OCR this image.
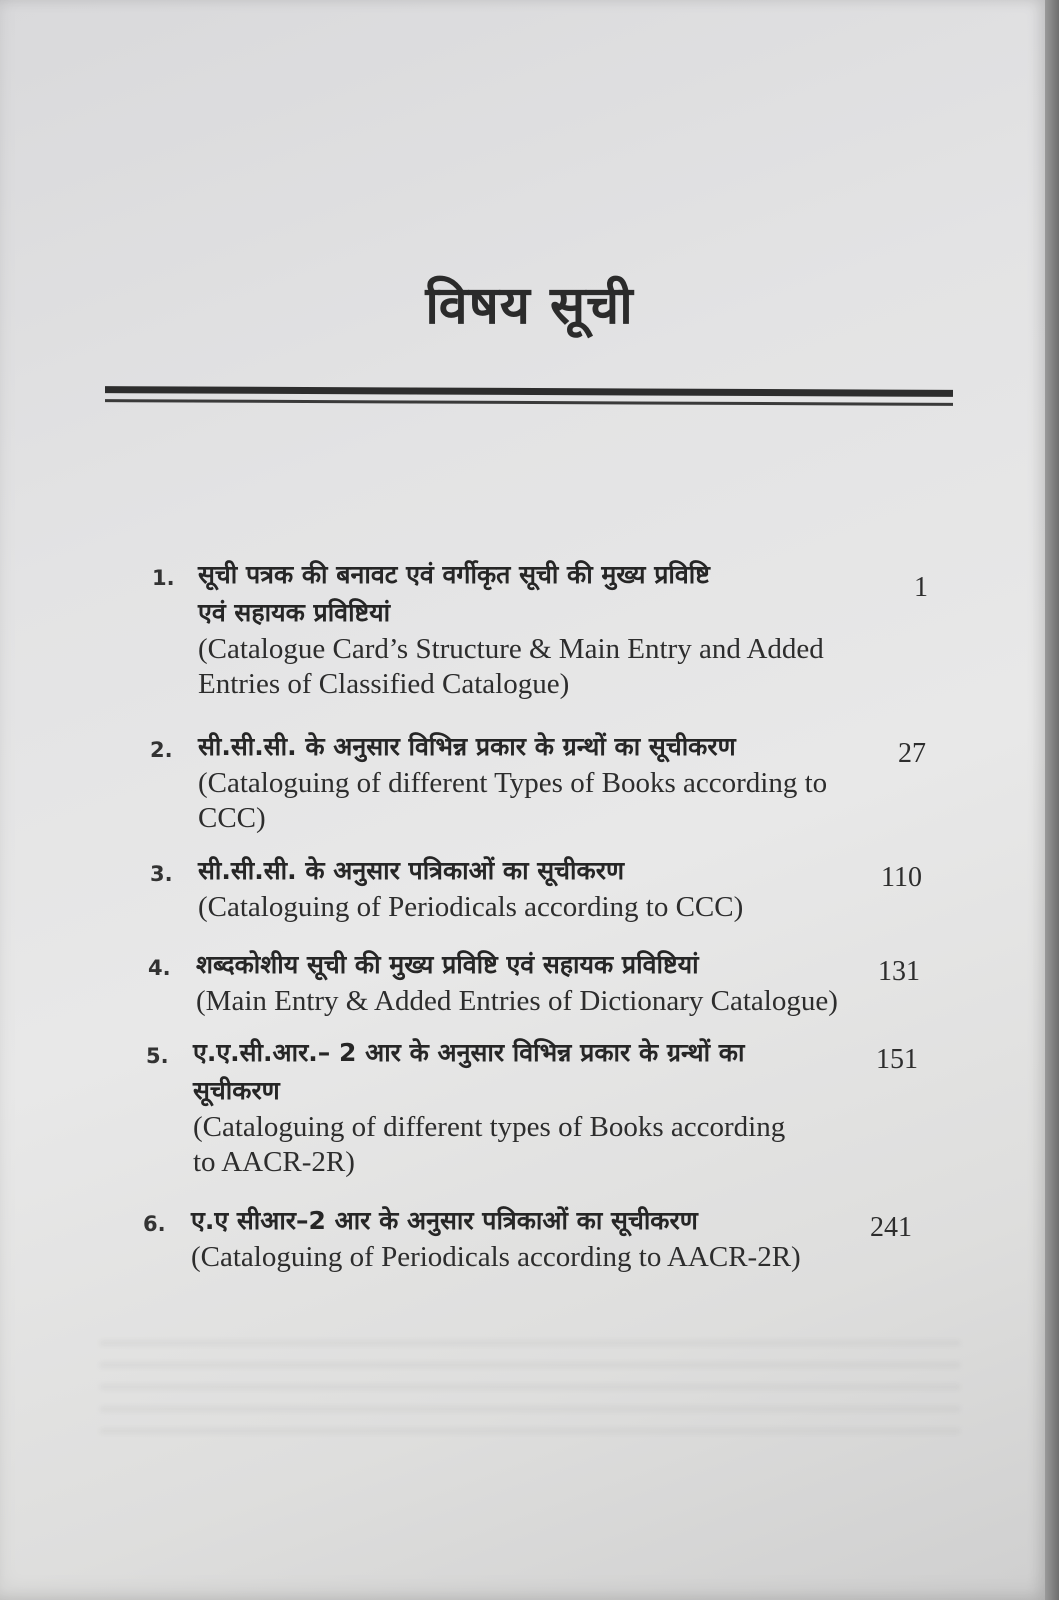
विषय सूची
1. सूची पत्रक की बनावट एवं वर्गीकृत सूची की मुख्य प्रविष्टि
एवं सहायक प्रविष्टियां
(Catalogue Card’s Structure & Main Entry and Added
Entries of Classified Catalogue)
1
2. सी.सी.सी. के अनुसार विभिन्न प्रकार के ग्रन्थों का सूचीकरण
(Cataloguing of different Types of Books according to
CCC)
27
3. सी.सी.सी. के अनुसार पत्रिकाओं का सूचीकरण
(Cataloguing of Periodicals according to CCC)
110
4. शब्दकोशीय सूची की मुख्य प्रविष्टि एवं सहायक प्रविष्टियां
(Main Entry & Added Entries of Dictionary Catalogue)
131
5. ए.ए.सी.आर.– 2 आर के अनुसार विभिन्न प्रकार के ग्रन्थों का
सूचीकरण
(Cataloguing of different types of Books according
to AACR-2R)
151
6. ए.ए सीआर–2 आर के अनुसार पत्रिकाओं का सूचीकरण
(Cataloguing of Periodicals according to AACR-2R)
241
